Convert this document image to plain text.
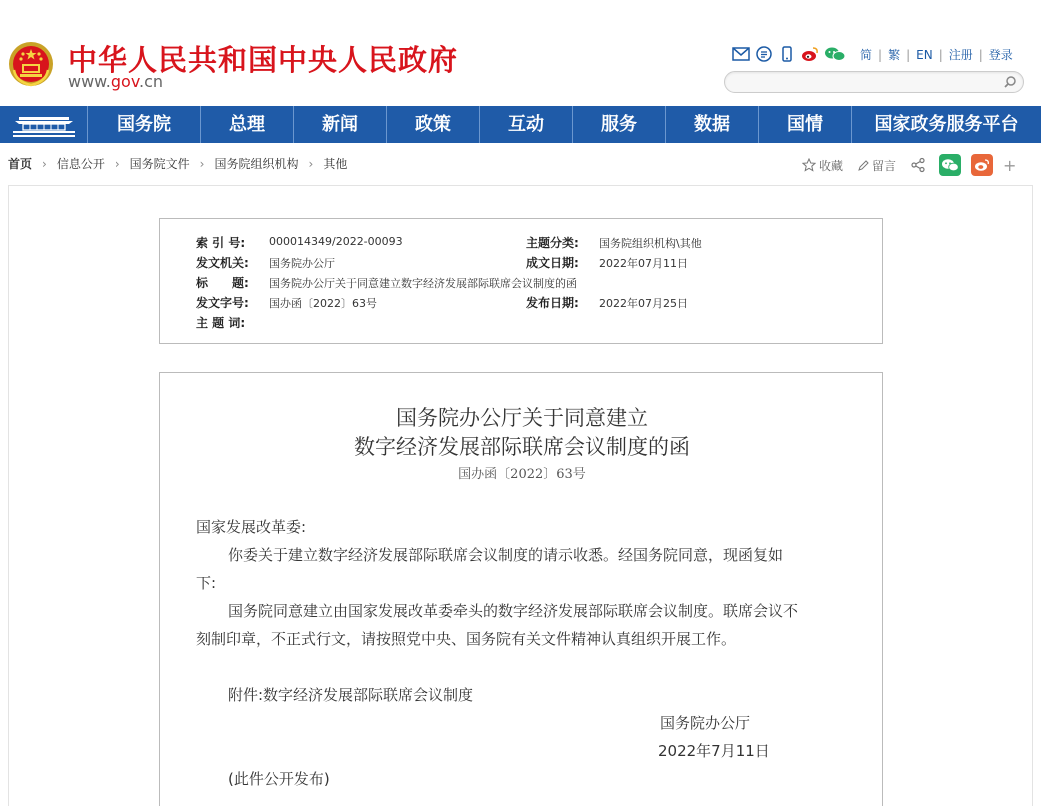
中华人民共和国中央人民政府
www.gov.cn
简 | 繁 | EN | 注册 | 登录
国务院	总理	新闻	政策	互动	服务	数据	国情	国家政务服务平台
首页 › 信息公开 › 国务院文件 › 国务院组织机构 › 其他	收藏 留言	+
索 引 号: 000014349/2022-00093	主题分类: 国务院组织机构\其他
发文机关: 国务院办公厅	成文日期: 2022年07月11日
标　　题: 国务院办公厅关于同意建立数字经济发展部际联席会议制度的函
发文字号: 国办函〔2022〕63号	发布日期: 2022年07月25日
主 题 词:
国务院办公厅关于同意建立
数字经济发展部际联席会议制度的函
国办函〔2022〕63号
国家发展改革委:
你委关于建立数字经济发展部际联席会议制度的请示收悉。经国务院同意，现函复如
下:
国务院同意建立由国家发展改革委牵头的数字经济发展部际联席会议制度。联席会议不
刻制印章，不正式行文，请按照党中央、国务院有关文件精神认真组织开展工作。
附件:数字经济发展部际联席会议制度
国务院办公厅
2022年7月11日
(此件公开发布)
